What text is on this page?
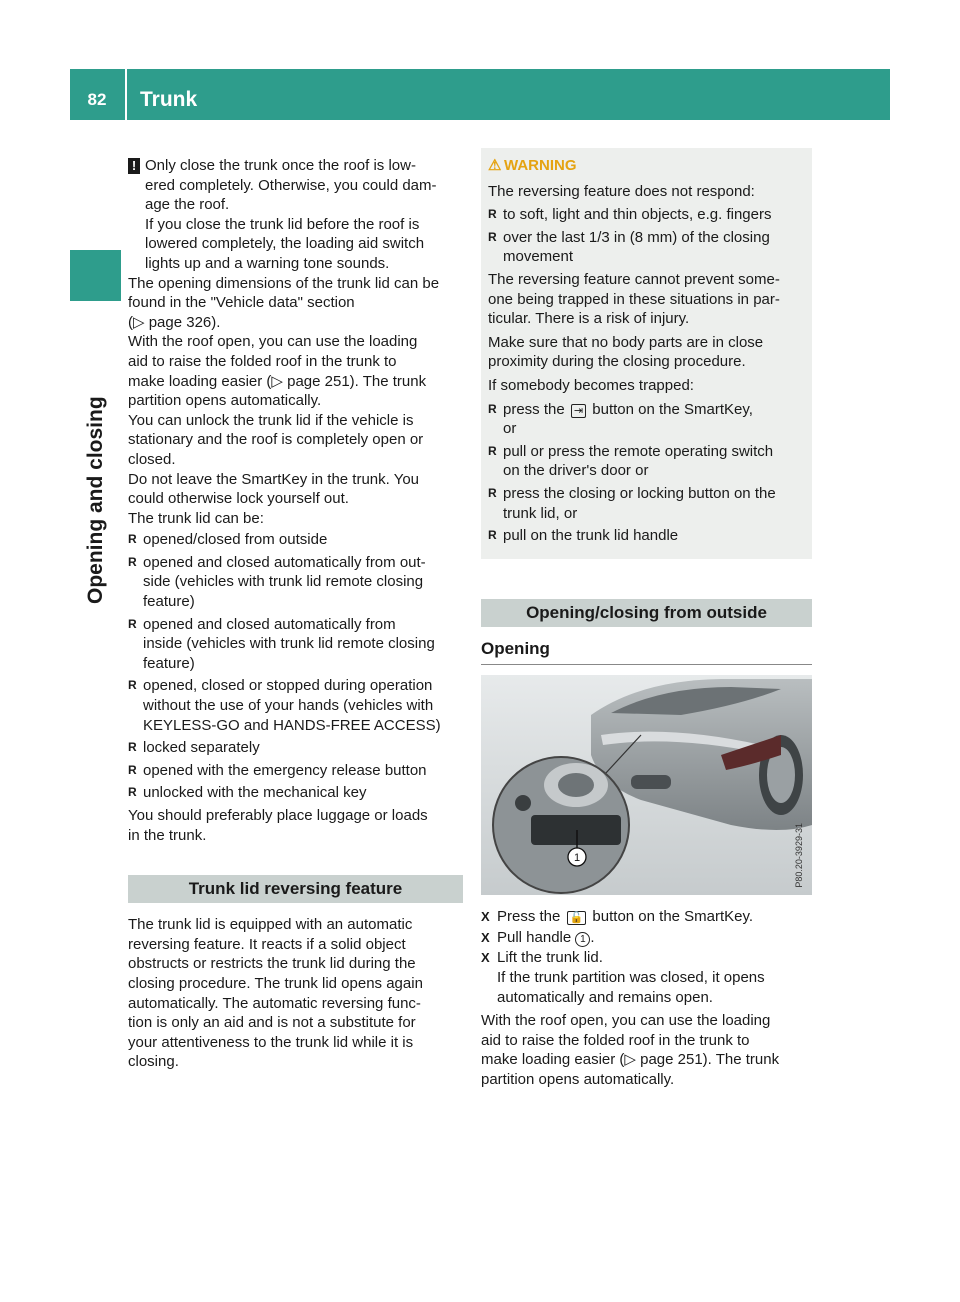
82	Trunk
Opening and closing
! Only close the trunk once the roof is low-
ered completely. Otherwise, you could dam-
age the roof.
If you close the trunk lid before the roof is
lowered completely, the loading aid switch
lights up and a warning tone sounds.

The opening dimensions of the trunk lid can be
found in the "Vehicle data" section
(▷ page 326).

With the roof open, you can use the loading
aid to raise the folded roof in the trunk to
make loading easier (▷ page 251). The trunk
partition opens automatically.

You can unlock the trunk lid if the vehicle is
stationary and the roof is completely open or
closed.

Do not leave the SmartKey in the trunk. You
could otherwise lock yourself out.

The trunk lid can be:

R opened/closed from outside
R opened and closed automatically from out-
side (vehicles with trunk lid remote closing
feature)
R opened and closed automatically from
inside (vehicles with trunk lid remote closing
feature)
R opened, closed or stopped during operation
without the use of your hands (vehicles with
KEYLESS-GO and HANDS-FREE ACCESS)
R locked separately
R opened with the emergency release button
R unlocked with the mechanical key

You should preferably place luggage or loads
in the trunk.

Trunk lid reversing feature

The trunk lid is equipped with an automatic
reversing feature. It reacts if a solid object
obstructs or restricts the trunk lid during the
closing procedure. The trunk lid opens again
automatically. The automatic reversing func-
tion is only an aid and is not a substitute for
your attentiveness to the trunk lid while it is
closing.

⚠ WARNING

The reversing feature does not respond:

R to soft, light and thin objects, e.g. fingers
R over the last 1/3 in (8 mm) of the closing
movement

The reversing feature cannot prevent some-
one being trapped in these situations in par-
ticular. There is a risk of injury.

Make sure that no body parts are in close
proximity during the closing procedure.

If somebody becomes trapped:

R press the ⇥ button on the SmartKey,
or
R pull or press the remote operating switch
on the driver's door or
R press the closing or locking button on the
trunk lid, or
R pull on the trunk lid handle
Opening/closing from outside
Opening
1	P80.20-3929-31
X Press the 🔓 button on the SmartKey.
X Pull handle 1 .
X Lift the trunk lid.
If the trunk partition was closed, it opens
automatically and remains open.

With the roof open, you can use the loading
aid to raise the folded roof in the trunk to
make loading easier (▷ page 251). The trunk
partition opens automatically.
